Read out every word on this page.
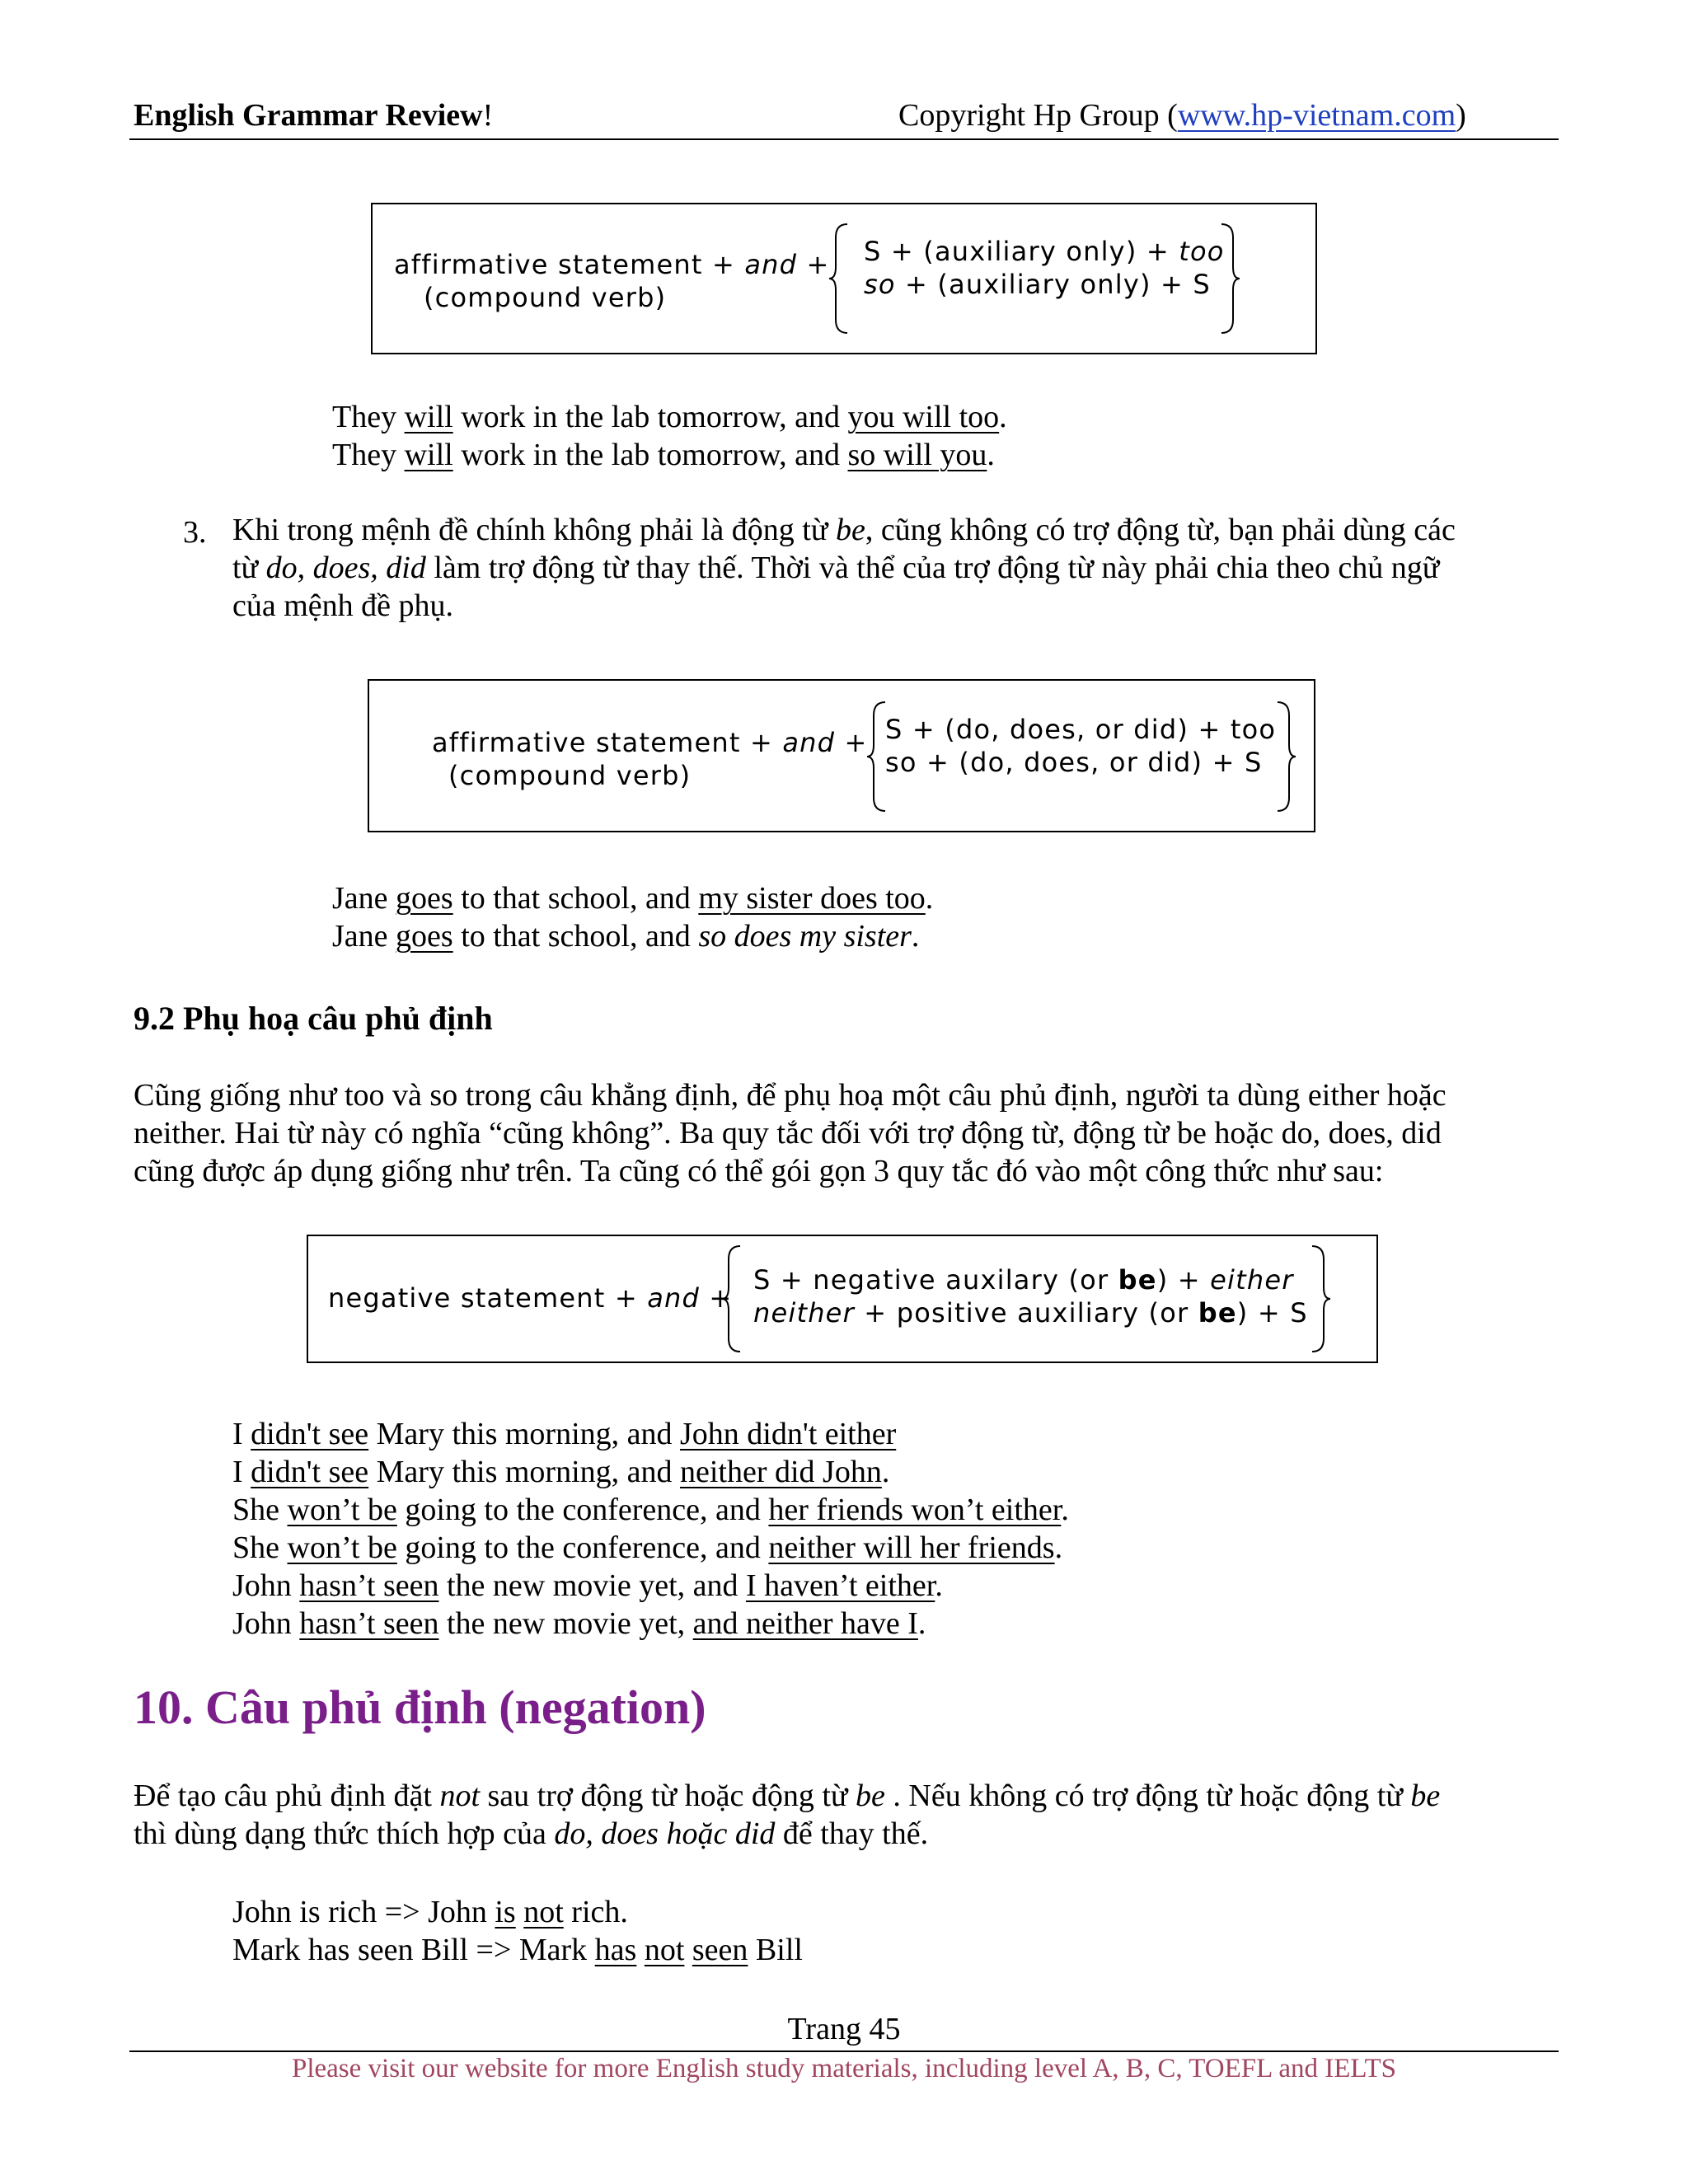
English Grammar Review!	Copyright Hp Group (www.hp-vietnam.com)
affirmative statement + and +
(compound verb)
S + (auxiliary only) + too
so + (auxiliary only) + S
They will work in the lab tomorrow, and you will too.
They will work in the lab tomorrow, and so will you.
3. Khi trong mệnh đề chính không phải là động từ be, cũng không có trợ động từ, bạn phải dùng các
từ do, does, did làm trợ động từ thay thế. Thời và thể của trợ động từ này phải chia theo chủ ngữ
của mệnh đề phụ.
affirmative statement + and +
(compound verb)
S + (do, does, or did) + too
so + (do, does, or did) + S
Jane goes to that school, and my sister does too.
Jane goes to that school, and so does my sister.
9.2 Phụ hoạ câu phủ định
Cũng giống như too và so trong câu khẳng định, để phụ hoạ một câu phủ định, người ta dùng either hoặc
neither. Hai từ này có nghĩa “cũng không”. Ba quy tắc đối với trợ động từ, động từ be hoặc do, does, did
cũng được áp dụng giống như trên. Ta cũng có thể gói gọn 3 quy tắc đó vào một công thức như sau:
negative statement + and +
S + negative auxilary (or be) + either
neither + positive auxiliary (or be) + S
I didn't see Mary this morning, and John didn't either
I didn't see Mary this morning, and neither did John.
She won’t be going to the conference, and her friends won’t either.
She won’t be going to the conference, and neither will her friends.
John hasn’t seen the new movie yet, and I haven’t either.
John hasn’t seen the new movie yet, and neither have I.
10. Câu phủ định (negation)
Để tạo câu phủ định đặt not sau trợ động từ hoặc động từ be . Nếu không có trợ động từ hoặc động từ be
thì dùng dạng thức thích hợp của do, does hoặc did để thay thế.
John is rich => John is not rich.
Mark has seen Bill => Mark has not seen Bill
Trang 45
Please visit our website for more English study materials, including level A, B, C, TOEFL and IELTS
